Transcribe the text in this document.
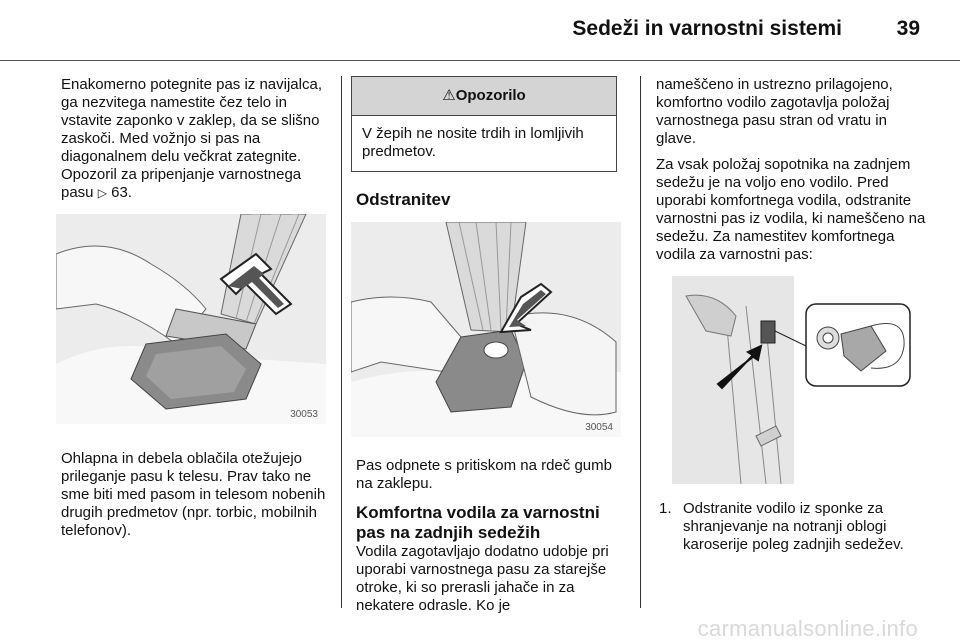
Sedeži in varnostni sistemi	39

Enakomerno potegnite pas iz navijalca, ga nezvitega namestite čez telo in vstavite zaponko v zaklep, da se slišno zaskoči. Med vožnjo si pas na diagonalnem delu večkrat zategnite. Opozoril za pripenjanje varnostnega pasu ▷ 63.

30053

Ohlapna in debela oblačila otežujejo prileganje pasu k telesu. Prav tako ne sme biti med pasom in telesom nobenih drugih predmetov (npr. torbic, mobilnih telefonov).

⚠Opozorilo
V žepih ne nosite trdih in lomljivih predmetov.
Odstranitev
30054

Pas odpnete s pritiskom na rdeč gumb na zaklepu.

Komfortna vodila za varnostni pas na zadnjih sedežih

Vodila zagotavljajo dodatno udobje pri uporabi varnostnega pasu za starejše otroke, ki so prerasli jahače in za nekatere odrasle. Ko je

nameščeno in ustrezno prilagojeno, komfortno vodilo zagotavlja položaj varnostnega pasu stran od vratu in glave.

Za vsak položaj sopotnika na zadnjem sedežu je na voljo eno vodilo. Pred uporabi komfortnega vodila, odstranite varnostni pas iz vodila, ki nameščeno na sedežu. Za namestitev komfortnega vodila za varnostni pas:

1. Odstranite vodilo iz sponke za shranjevanje na notranji oblogi karoserije poleg zadnjih sedežev.
carmanualsonline.info
